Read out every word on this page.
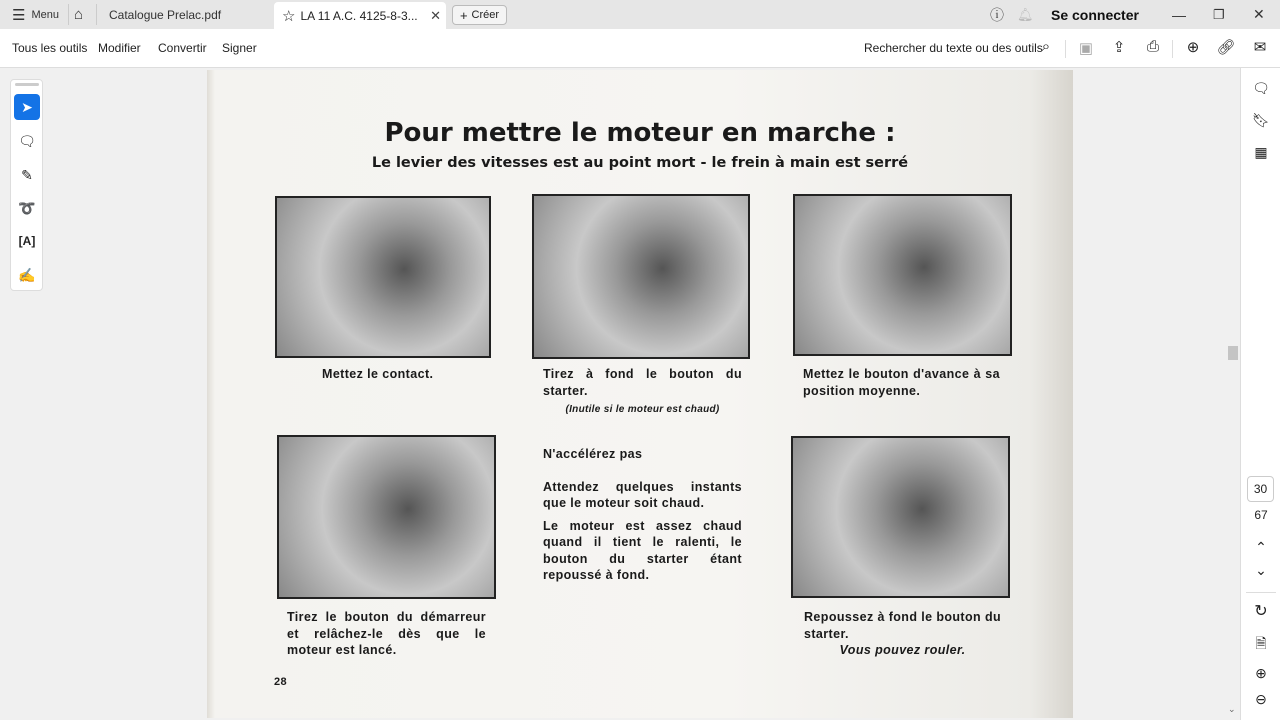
☰ Menu ⌂ Catalogue Prelac.pdf	☆ LA 11 A.C. 4125-8-3... ✕ + Créer	ⓘ 🔔︎ Se connecter — ❐ ✕
Tous les outils Modifier Convertir Signer	Rechercher du texte ou des outils ⌕	▣ ⇪ ⎙ ⊕ 🔗︎ ✉
➤
🗨︎
✎
➰
[A]
✍
Pour mettre le moteur en marche :
Le levier des vitesses est au point mort - le frein à main est serré
Mettez le contact.	Tirez à fond le bouton du starter.
(Inutile si le moteur est chaud)
Mettez le bouton d'avance à sa position moyenne.
Tirez le bouton du démarreur et relâchez-le dès que le moteur est lancé.
N'accélérez pas
Attendez quelques instants que le moteur soit chaud.
Le moteur est assez chaud quand il tient le ralenti, le bouton du starter étant repoussé à fond.
Repoussez à fond le bouton du starter.
Vous pouvez rouler.
28
⌄
🗨︎
🔖︎
▦
30
67
⌃
⌄
↻
🗎︎
⊕
⊖
